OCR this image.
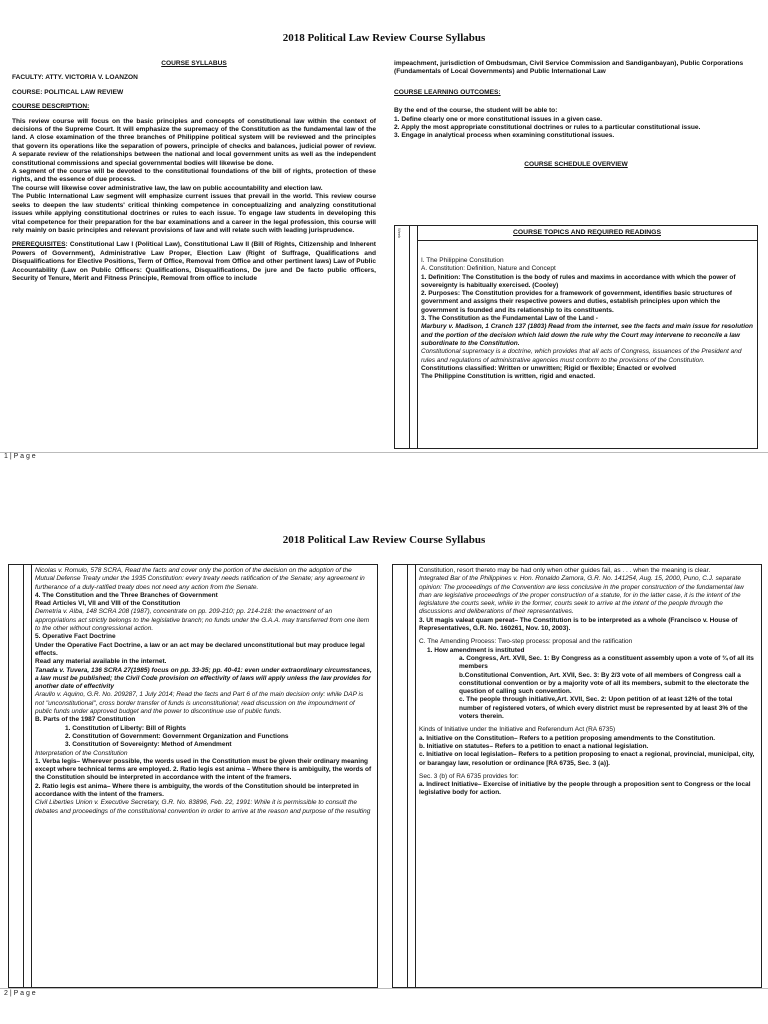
2018 Political Law Review Course Syllabus

COURSE SYLLABUS

FACULTY: ATTY. VICTORIA V. LOANZON

COURSE: POLITICAL LAW REVIEW

COURSE DESCRIPTION:

This review course will focus on the basic principles and concepts of constitutional law within the context of decisions of the Supreme Court. It will emphasize the supremacy of the Constitution as the fundamental law of the land. A close examination of the three branches of Philippine political system will be reviewed and the principles that govern its operations like the separation of powers, principle of checks and balances, judicial power of review. A separate review of the relationships between the national and local government units as well as the independent constitutional commissions and special governmental bodies will likewise be done.

A segment of the course will be devoted to the constitutional foundations of the bill of rights, protection of these rights, and the essence of due process.

The course will likewise cover administrative law, the law on public accountability and election law.

The Public International Law segment will emphasize current issues that prevail in the world. This review course seeks to deepen the law students' critical thinking competence in conceptualizing and analyzing constitutional issues while applying constitutional doctrines or rules to each issue. To engage law students in developing this vital competence for their preparation for the bar examinations and a career in the legal profession, this course will rely mainly on basic principles and relevant provisions of law and will relate such with leading jurisprudence.

PREREQUISITES: Constitutional Law I (Political Law), Constitutional Law II (Bill of Rights, Citizenship and Inherent Powers of Government), Administrative Law Proper, Election Law (Right of Suffrage, Qualifications and Disqualifications for Elective Positions, Term of Office, Removal from Office and other pertinent laws) Law of Public Accountability (Law on Public Officers: Qualifications, Disqualifications, De jure and De facto public officers, Security of Tenure, Merit and Fitness Principle, Removal from office to include

impeachment, jurisdiction of Ombudsman, Civil Service Commission and Sandiganbayan), Public Corporations (Fundamentals of Local Governments) and Public International Law

COURSE LEARNING OUTCOMES:

By the end of the course, the student will be able to:

1. Define clearly one or more constitutional issues in a given case.

2. Apply the most appropriate constitutional doctrines or rules to a particular constitutional issue.

3. Engage in analytical process when examining constitutional issues.

COURSE SCHEDULE OVERVIEW

Week	COURSE TOPICS AND REQUIRED READINGS

I. The Philippine Constitution

A. Constitution: Definition, Nature and Concept

1. Definition: The Constitution is the body of rules and maxims in accordance with which the power of sovereignty is habitually exercised. (Cooley)

2. Purposes: The Constitution provides for a framework of government, identifies basic structures of government and assigns their respective powers and duties, establish principles upon which the government is founded and its relationship to its constituents.

3. The Constitution as the Fundamental Law of the Land -

Marbury v. Madison, 1 Cranch 137 (1803) Read from the internet, see the facts and main issue for resolution and the portion of the decision which laid down the rule why the Court may intervene to reconcile a law subordinate to the Constitution.

Constitutional supremacy is a doctrine, which provides that all acts of Congress, issuances of the President and rules and regulations of administrative agencies must conform to the provisions of the Constitution.

Constitutions classified: Written or unwritten; Rigid or flexible; Enacted or evolved

The Philippine Constitution is written, rigid and enacted.

1 | P a g e
2018 Political Law Review Course Syllabus

Nicolas v. Romulo, 578 SCRA, Read the facts and cover only the portion of the decision on the adoption of the Mutual Defense Treaty under the 1935 Constitution: every treaty needs ratification of the Senate; any agreement in furtherance of a duly-ratified treaty does not need any action from the Senate.

4. The Constitution and the Three Branches of Government

Read Articles VI, VII and VIII of the Constitution

Demetria v. Alba, 148 SCRA 208 (1987), concentrate on pp. 209-210; pp. 214-218: the enactment of an appropriations act strictly belongs to the legislative branch; no funds under the G.A.A. may transferred from one item to the other without congressional action.

5. Operative Fact Doctrine

Under the Operative Fact Doctrine, a law or an act may be declared unconstitutional but may produce legal effects.

Read any material available in the internet.

Tanada v. Tuvera, 136 SCRA 27(1985) focus on pp. 33-35; pp. 40-41: even under extraordinary circumstances, a law must be published; the Civil Code provision on effectivity of laws will apply unless the law provides for another date of effectivity

Araullo v. Aquino, G.R. No. 209287, 1 July 2014; Read the facts and Part 6 of the main decision only: while DAP is not "unconstitutional", cross border transfer of funds is unconstitutional; read discussion on the impoundment of public funds under approved budget and the power to discontinue use of public funds.

B. Parts of the 1987 Constitution

1. Constitution of Liberty: Bill of Rights

2. Constitution of Government: Government Organization and Functions

3. Constitution of Sovereignty: Method of Amendment

Interpretation of the Constitution

1. Verba legis– Wherever possible, the words used in the Constitution must be given their ordinary meaning except where technical terms are employed. 2. Ratio legis est anima – Where there is ambiguity, the words of the Constitution should be interpreted in accordance with the intent of the framers.

2. Ratio legis est anima– Where there is ambiguity, the words of the Constitution should be interpreted in accordance with the intent of the framers.

Civil Liberties Union v. Executive Secretary, G.R. No. 83896, Feb. 22, 1991: While it is permissible to consult the debates and proceedings of the constitutional convention in order to arrive at the reason and purpose of the resulting

Constitution, resort thereto may be had only when other guides fail, as . . . when the meaning is clear.

Integrated Bar of the Philippines v. Hon. Ronaldo Zamora, G.R. No. 141254, Aug. 15, 2000, Puno, C.J. separate opinion: The proceedings of the Convention are less conclusive in the proper construction of the fundamental law than are legislative proceedings of the proper construction of a statute, for in the latter case, it is the intent of the legislature the courts seek, while in the former, courts seek to arrive at the intent of the people through the discussions and deliberations of their representatives.

3. Ut magis valeat quam pereat– The Constitution is to be interpreted as a whole (Francisco v. House of Representatives, G.R. No. 160261, Nov. 10, 2003).

C. The Amending Process: Two-step process: proposal and the ratification

1. How amendment is instituted

a. Congress, Art. XVII, Sec. 1: By Congress as a constituent assembly upon a vote of ¾ of all its members

b.Constitutional Convention, Art. XVII, Sec. 3: By 2/3 vote of all members of Congress call a constitutional convention or by a majority vote of all its members, submit to the electorate the question of calling such convention.

c. The people through initiative,Art. XVII, Sec. 2: Upon petition of at least 12% of the total number of registered voters, of which every district must be represented by at least 3% of the voters therein.

Kinds of Initiative under the Initiative and Referendum Act (RA 6735)

a. Initiative on the Constitution– Refers to a petition proposing amendments to the Constitution.

b. Initiative on statutes– Refers to a petition to enact a national legislation.

c. Initiative on local legislation– Refers to a petition proposing to enact a regional, provincial, municipal, city, or barangay law, resolution or ordinance [RA 6735, Sec. 3 (a)].

Sec. 3 (b) of RA 6735 provides for:

a. Indirect Initiative– Exercise of initiative by the people through a proposition sent to Congress or the local legislative body for action.

2 | P a g e
